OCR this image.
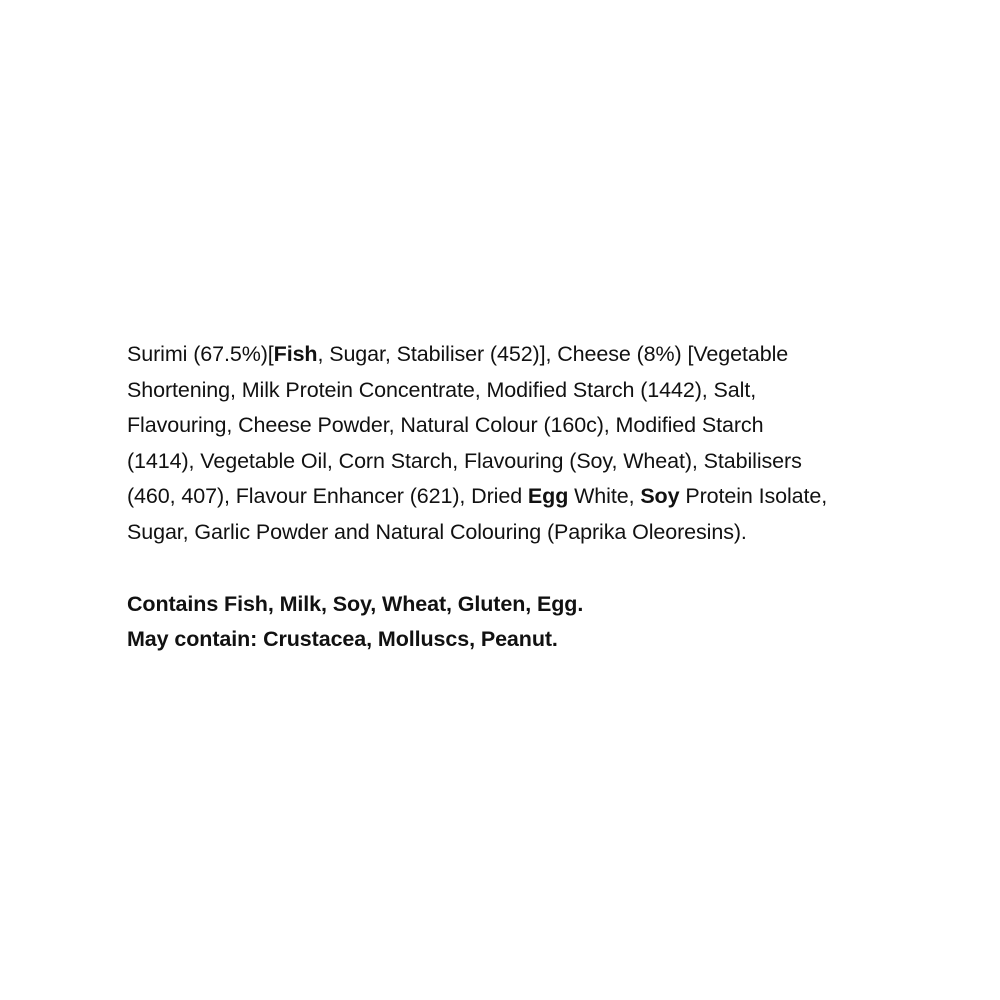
Surimi (67.5%)[Fish, Sugar, Stabiliser (452)], Cheese (8%) [Vegetable
Shortening, Milk Protein Concentrate, Modified Starch (1442), Salt,
Flavouring, Cheese Powder, Natural Colour (160c), Modified Starch
(1414), Vegetable Oil, Corn Starch, Flavouring (Soy, Wheat), Stabilisers
(460, 407), Flavour Enhancer (621), Dried Egg White, Soy Protein Isolate,
Sugar, Garlic Powder and Natural Colouring (Paprika Oleoresins).
Contains Fish, Milk, Soy, Wheat, Gluten, Egg.
May contain: Crustacea, Molluscs, Peanut.
